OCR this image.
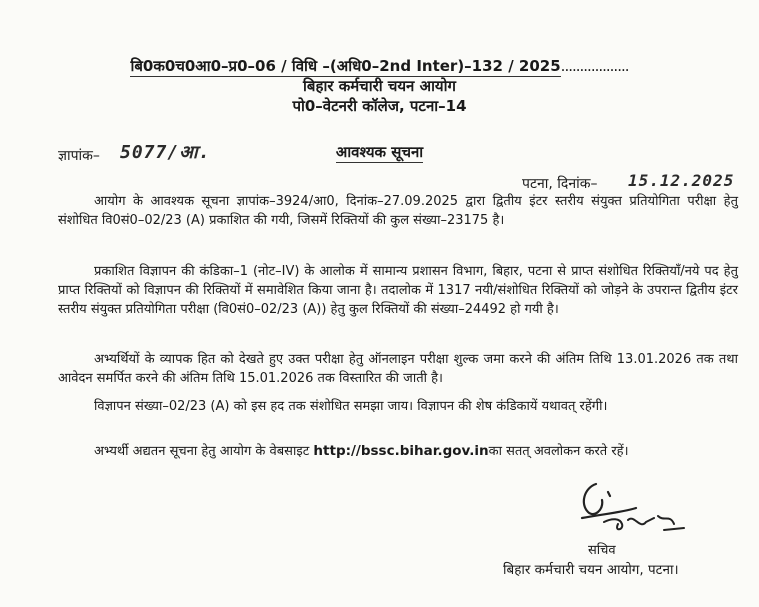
बि0क0च0आ0–प्र0–06 / विधि –(अधि0–2nd Inter)–132 / 2025..................
बिहार कर्मचारी चयन आयोग
पो0–वेटनरी कॉलेज, पटना–14
ज्ञापांक– 5077/आ.	आवश्यक सूचना
पटना, दिनांक– 15.12.2025
आयोग के आवश्यक सूचना ज्ञापांक–3924/आ0, दिनांक–27.09.2025 द्वारा द्वितीय इंटर स्तरीय संयुक्त प्रतियोगिता परीक्षा हेतु संशोधित वि0सं0–02/23 (A) प्रकाशित की गयी, जिसमें रिक्तियों की कुल संख्या–23175 है।
प्रकाशित विज्ञापन की कंडिका–1 (नोट–IV) के आलोक में सामान्य प्रशासन विभाग, बिहार, पटना से प्राप्त संशोधित रिक्तियाँ/नये पद हेतु प्राप्त रिक्तियों को विज्ञापन की रिक्तियों में समावेशित किया जाना है। तदालोक में 1317 नयी/संशोधित रिक्तियों को जोड़ने के उपरान्त द्वितीय इंटर स्तरीय संयुक्त प्रतियोगिता परीक्षा (वि0सं0–02/23 (A)) हेतु कुल रिक्तियों की संख्या–24492 हो गयी है।
अभ्यर्थियों के व्यापक हित को देखते हुए उक्त परीक्षा हेतु ऑनलाइन परीक्षा शुल्क जमा करने की अंतिम तिथि 13.01.2026 तक तथा आवेदन समर्पित करने की अंतिम तिथि 15.01.2026 तक विस्तारित की जाती है।
विज्ञापन संख्या–02/23 (A) को इस हद तक संशोधित समझा जाय। विज्ञापन की शेष कंडिकायें यथावत् रहेंगी।
अभ्यर्थी अद्यतन सूचना हेतु आयोग के वेबसाइट http://bssc.bihar.gov.inका सतत् अवलोकन करते रहें।
सचिव
बिहार कर्मचारी चयन आयोग, पटना।
